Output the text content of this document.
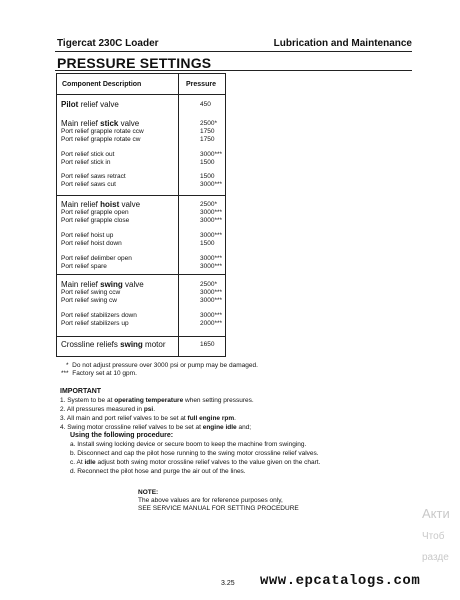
Tigercat 230C Loader	Lubrication and Maintenance
PRESSURE SETTINGS
Component Description	Pressure
Pilot relief valve	450
Main relief stick valve	2500*
Port relief grapple rotate ccw	1750
Port relief grapple rotate cw	1750
Port relief stick out	3000***
Port relief stick in	1500
Port relief saws retract	1500
Port relief saws cut	3000***
Main relief hoist valve	2500*
Port relief grapple open	3000***
Port relief grapple close	3000***
Port relief hoist up	3000***
Port relief hoist down	1500
Port relief delimber open	3000***
Port relief spare	3000***
Main relief swing valve	2500*
Port relief swing ccw	3000***
Port relief swing cw	3000***
Port relief stabilizers down	3000***
Port relief stabilizers up	2000***
Crossline reliefs swing motor	1650
* Do not adjust pressure over 3000 psi or pump may be damaged.
*** Factory set at 10 gpm.
IMPORTANT
1. System to be at operating temperature when setting pressures.
2. All pressures measured in psi.
3. All main and port relief valves to be set at full engine rpm.
4. Swing motor crossline relief valves to be set at engine idle and;
Using the following procedure:
a. Install swing locking device or secure boom to keep the machine from swinging.
b. Disconnect and cap the pilot hose running to the swing motor crossline relief valves.
c. At idle adjust both swing motor crossline relief valves to the value given on the chart.
d. Reconnect the pilot hose and purge the air out of the lines.
NOTE:
The above values are for reference purposes only,
SEE SERVICE MANUAL FOR SETTING PROCEDURE	Акти
Чтоб
разде
3.25 www.epcatalogs.com
